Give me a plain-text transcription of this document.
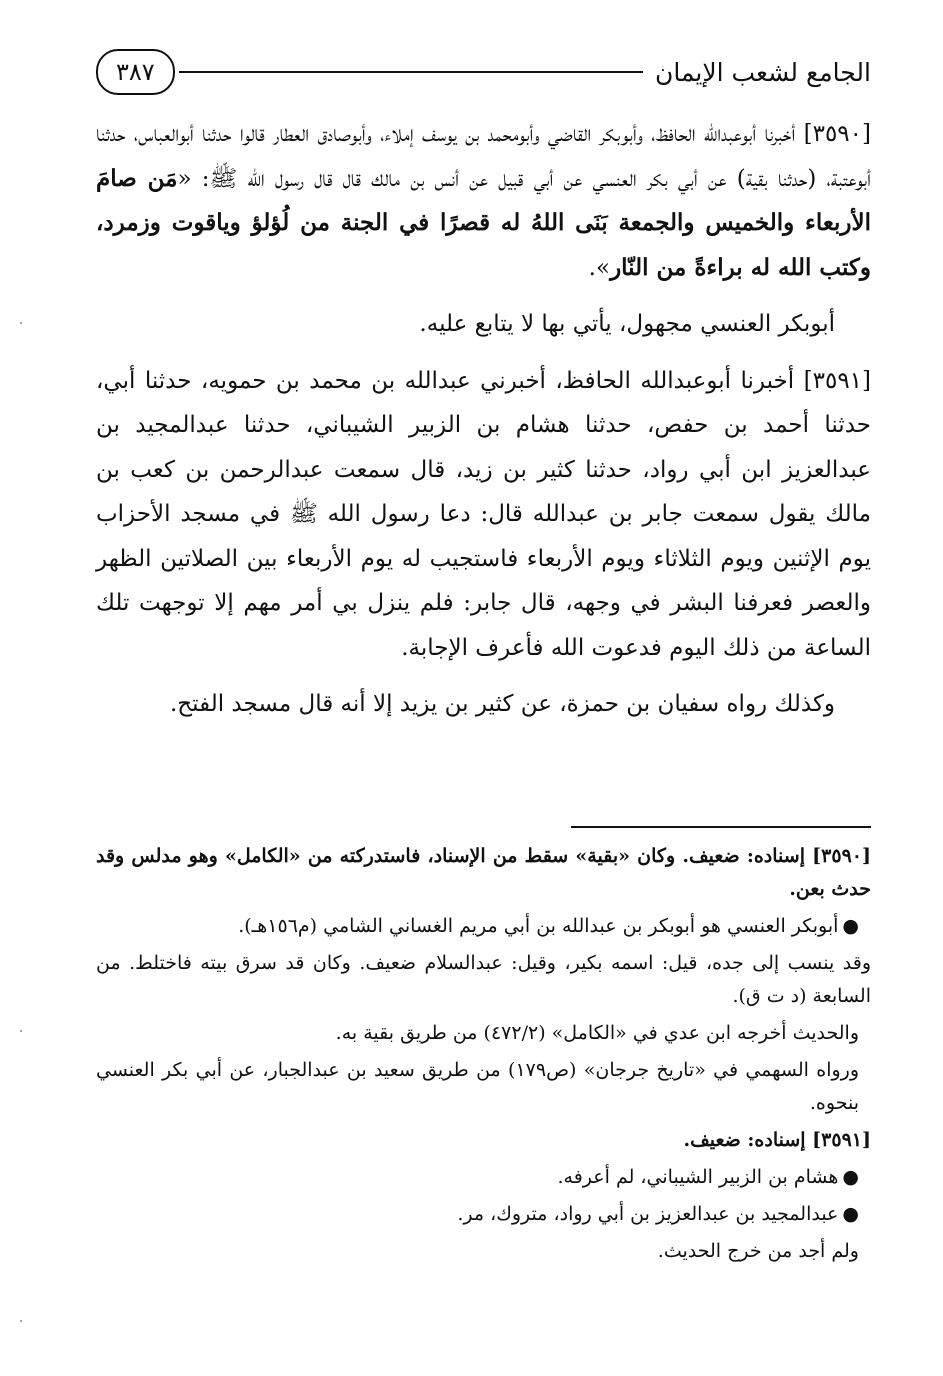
الجامع لشعب الإيمان
٣٨٧

[٣٥٩٠] أخبرنا أبوعبدالله الحافظ، وأبوبكر القاضي وأبومحمد بن يوسف إملاء، وأبوصادق العطار قالوا حدثنا أبوالعباس، حدثنا أبوعتبة، (حدثنا بقية) عن أبي بكر العنسي عن أبي قبيل عن أنس بن مالك قال قال رسول الله ﷺ: «مَن صامَ الأربعاء والخميس والجمعة بَنَى اللهُ له قصرًا في الجنة من لُؤلؤ وياقوت وزمرد، وكتب الله له براءةً من النّار».

أبوبكر العنسي مجهول، يأتي بها لا يتابع عليه.

[٣٥٩١] أخبرنا أبوعبدالله الحافظ، أخبرني عبدالله بن محمد بن حمويه، حدثنا أبي، حدثنا أحمد بن حفص، حدثنا هشام بن الزبير الشيباني، حدثنا عبدالمجيد بن عبدالعزيز ابن أبي رواد، حدثنا كثير بن زيد، قال سمعت عبدالرحمن بن كعب بن مالك يقول سمعت جابر بن عبدالله قال: دعا رسول الله ﷺ في مسجد الأحزاب يوم الإثنين ويوم الثلاثاء ويوم الأربعاء فاستجيب له يوم الأربعاء بين الصلاتين الظهر والعصر فعرفنا البشر في وجهه، قال جابر: فلم ينزل بي أمر مهم إلا توجهت تلك الساعة من ذلك اليوم فدعوت الله فأعرف الإجابة.

وكذلك رواه سفيان بن حمزة، عن كثير بن يزيد إلا أنه قال مسجد الفتح.

[٣٥٩٠] إسناده: ضعيف. وكان «بقية» سقط من الإسناد، فاستدركته من «الكامل» وهو مدلس وقد حدث بعن.

●أبوبكر العنسي هو أبوبكر بن عبدالله بن أبي مريم الغساني الشامي (م١٥٦هـ).

وقد ينسب إلى جده، قيل: اسمه بكير، وقيل: عبدالسلام ضعيف. وكان قد سرق بيته فاختلط. من السابعة (د ت ق).

والحديث أخرجه ابن عدي في «الكامل» (٤٧٢/٢) من طريق بقية به.

ورواه السهمي في «تاريخ جرجان» (ص١٧٩) من طريق سعيد بن عبدالجبار، عن أبي بكر العنسي بنحوه.

[٣٥٩١] إسناده: ضعيف.

●هشام بن الزبير الشيباني، لم أعرفه.

●عبدالمجيد بن عبدالعزيز بن أبي رواد، متروك، مر.

ولم أجد من خرج الحديث.
